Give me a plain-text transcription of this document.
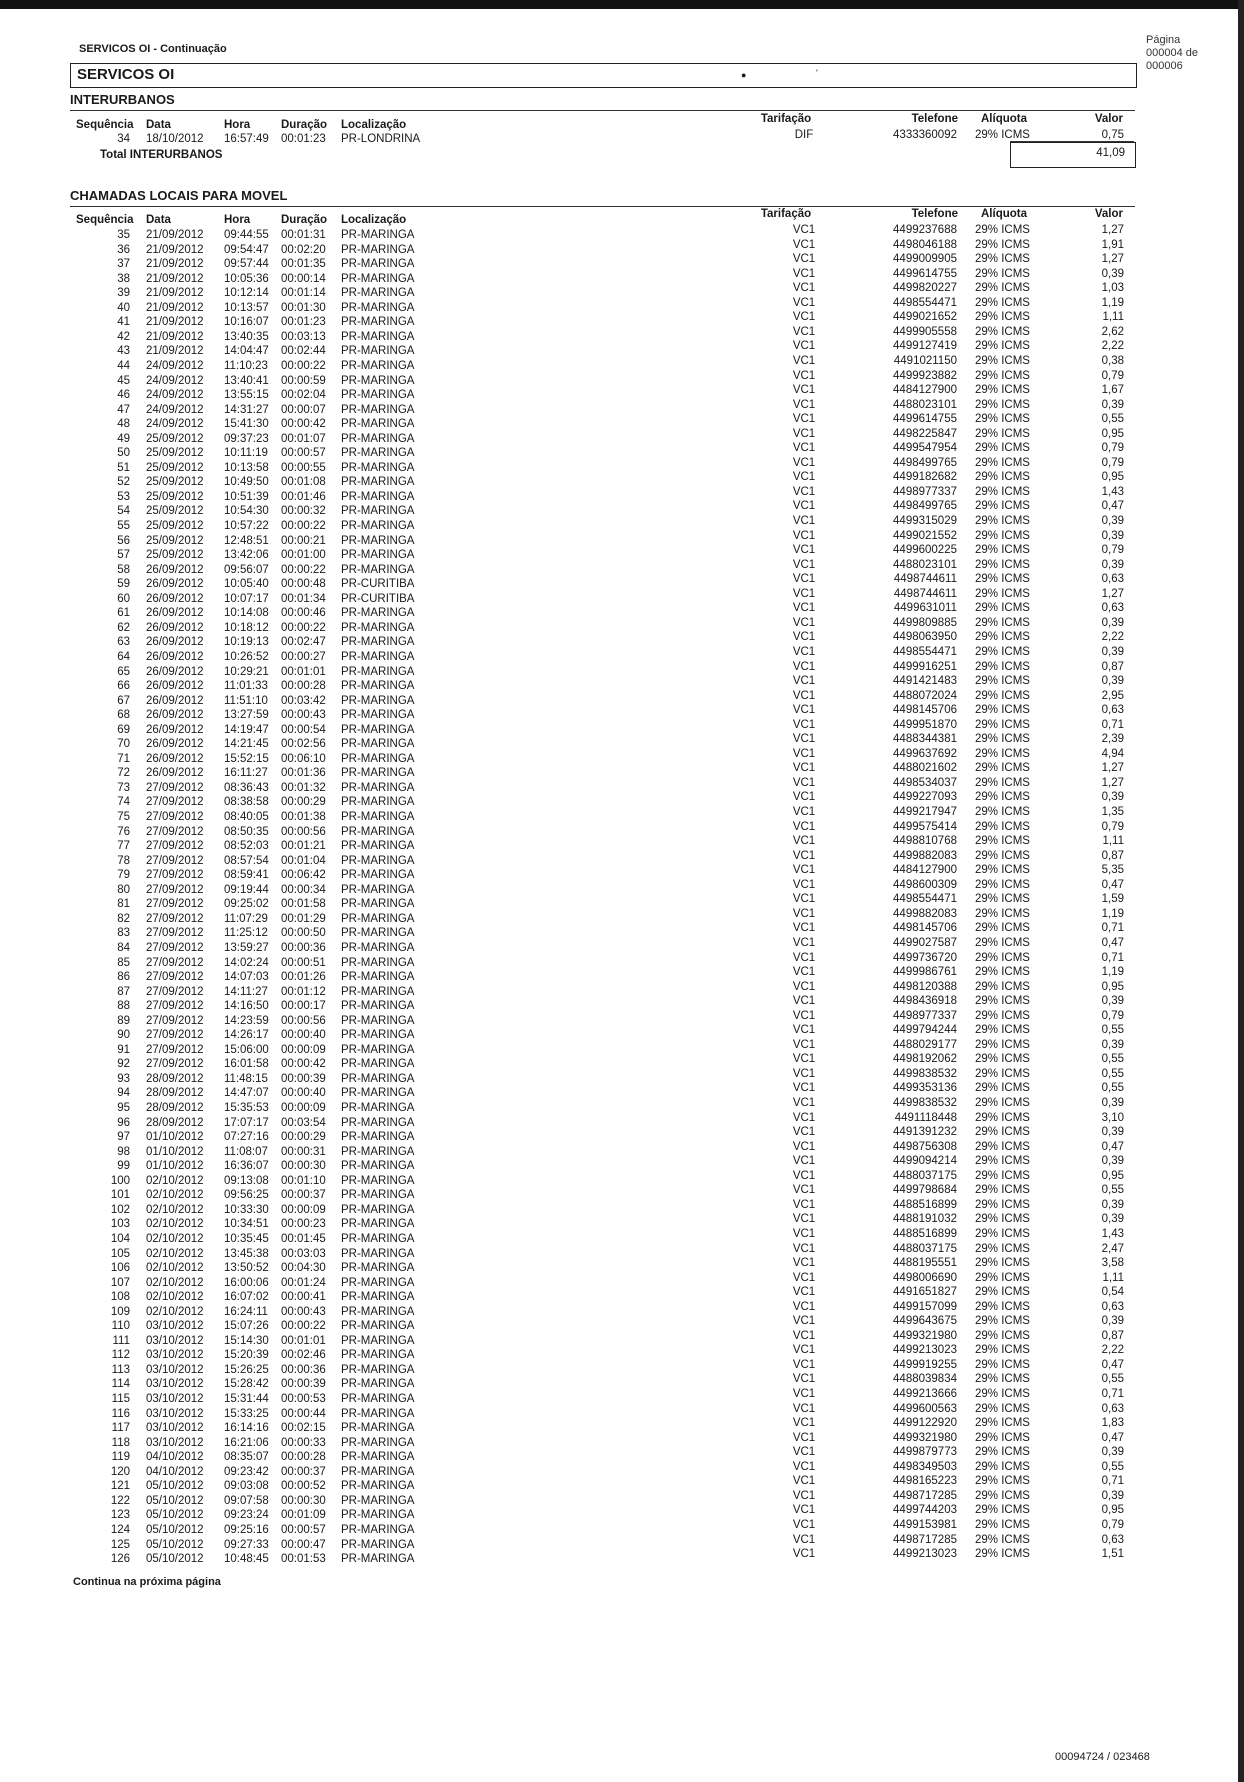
Página
000004 de
000006
SERVICOS OI - Continuação
SERVICOS OI	●	'
INTERURBANOS
Sequência Data	Hora	Duração Localização	Tarifação	Telefone	Alíquota	Valor
34 18/10/2012 16:57:49 00:01:23 PR-LONDRINA	DIF	4333360092 29% ICMS	0,75
Total INTERURBANOS	41,09
CHAMADAS LOCAIS PARA MOVEL
Sequência Data	Hora	Duração Localização	Tarifação	Telefone	Alíquota	Valor
35 21/09/2012 09:44:55 00:01:31 PR-MARINGA	VC1	4499237688 29% ICMS	1,27
36 21/09/2012 09:54:47 00:02:20 PR-MARINGA	VC1	4498046188 29% ICMS	1,91
37 21/09/2012 09:57:44 00:01:35 PR-MARINGA	VC1	4499009905 29% ICMS	1,27
38 21/09/2012 10:05:36 00:00:14 PR-MARINGA	VC1	4499614755 29% ICMS	0,39
39 21/09/2012 10:12:14 00:01:14 PR-MARINGA	VC1	4499820227 29% ICMS	1,03
40 21/09/2012 10:13:57 00:01:30 PR-MARINGA	VC1	4498554471 29% ICMS	1,19
41 21/09/2012 10:16:07 00:01:23 PR-MARINGA	VC1	4499021652 29% ICMS	1,11
42 21/09/2012 13:40:35 00:03:13 PR-MARINGA	VC1	4499905558 29% ICMS	2,62
43 21/09/2012 14:04:47 00:02:44 PR-MARINGA	VC1	4499127419 29% ICMS	2,22
44 24/09/2012 11:10:23 00:00:22 PR-MARINGA	VC1	4491021150 29% ICMS	0,38
45 24/09/2012 13:40:41 00:00:59 PR-MARINGA	VC1	4499923882 29% ICMS	0,79
46 24/09/2012 13:55:15 00:02:04 PR-MARINGA	VC1	4484127900 29% ICMS	1,67
47 24/09/2012 14:31:27 00:00:07 PR-MARINGA	VC1	4488023101 29% ICMS	0,39
48 24/09/2012 15:41:30 00:00:42 PR-MARINGA	VC1	4499614755 29% ICMS	0,55
49 25/09/2012 09:37:23 00:01:07 PR-MARINGA	VC1	4498225847 29% ICMS	0,95
50 25/09/2012 10:11:19 00:00:57 PR-MARINGA	VC1	4499547954 29% ICMS	0,79
51 25/09/2012 10:13:58 00:00:55 PR-MARINGA	VC1	4498499765 29% ICMS	0,79
52 25/09/2012 10:49:50 00:01:08 PR-MARINGA	VC1	4499182682 29% ICMS	0,95
53 25/09/2012 10:51:39 00:01:46 PR-MARINGA	VC1	4498977337 29% ICMS	1,43
54 25/09/2012 10:54:30 00:00:32 PR-MARINGA	VC1	4498499765 29% ICMS	0,47
55 25/09/2012 10:57:22 00:00:22 PR-MARINGA	VC1	4499315029 29% ICMS	0,39
56 25/09/2012 12:48:51 00:00:21 PR-MARINGA	VC1	4499021552 29% ICMS	0,39
57 25/09/2012 13:42:06 00:01:00 PR-MARINGA	VC1	4499600225 29% ICMS	0,79
58 26/09/2012 09:56:07 00:00:22 PR-MARINGA	VC1	4488023101 29% ICMS	0,39
59 26/09/2012 10:05:40 00:00:48 PR-CURITIBA	VC1	4498744611 29% ICMS	0,63
60 26/09/2012 10:07:17 00:01:34 PR-CURITIBA	VC1	4498744611 29% ICMS	1,27
61 26/09/2012 10:14:08 00:00:46 PR-MARINGA	VC1	4499631011 29% ICMS	0,63
62 26/09/2012 10:18:12 00:00:22 PR-MARINGA	VC1	4499809885 29% ICMS	0,39
63 26/09/2012 10:19:13 00:02:47 PR-MARINGA	VC1	4498063950 29% ICMS	2,22
64 26/09/2012 10:26:52 00:00:27 PR-MARINGA	VC1	4498554471 29% ICMS	0,39
65 26/09/2012 10:29:21 00:01:01 PR-MARINGA	VC1	4499916251 29% ICMS	0,87
66 26/09/2012 11:01:33 00:00:28 PR-MARINGA	VC1	4491421483 29% ICMS	0,39
67 26/09/2012 11:51:10 00:03:42 PR-MARINGA	VC1	4488072024 29% ICMS	2,95
68 26/09/2012 13:27:59 00:00:43 PR-MARINGA	VC1	4498145706 29% ICMS	0,63
69 26/09/2012 14:19:47 00:00:54 PR-MARINGA	VC1	4499951870 29% ICMS	0,71
70 26/09/2012 14:21:45 00:02:56 PR-MARINGA	VC1	4488344381 29% ICMS	2,39
71 26/09/2012 15:52:15 00:06:10 PR-MARINGA	VC1	4499637692 29% ICMS	4,94
72 26/09/2012 16:11:27 00:01:36 PR-MARINGA	VC1	4488021602 29% ICMS	1,27
73 27/09/2012 08:36:43 00:01:32 PR-MARINGA	VC1	4498534037 29% ICMS	1,27
74 27/09/2012 08:38:58 00:00:29 PR-MARINGA	VC1	4499227093 29% ICMS	0,39
75 27/09/2012 08:40:05 00:01:38 PR-MARINGA	VC1	4499217947 29% ICMS	1,35
76 27/09/2012 08:50:35 00:00:56 PR-MARINGA	VC1	4499575414 29% ICMS	0,79
77 27/09/2012 08:52:03 00:01:21 PR-MARINGA	VC1	4498810768 29% ICMS	1,11
78 27/09/2012 08:57:54 00:01:04 PR-MARINGA	VC1	4499882083 29% ICMS	0,87
79 27/09/2012 08:59:41 00:06:42 PR-MARINGA	VC1	4484127900 29% ICMS	5,35
80 27/09/2012 09:19:44 00:00:34 PR-MARINGA	VC1	4498600309 29% ICMS	0,47
81 27/09/2012 09:25:02 00:01:58 PR-MARINGA	VC1	4498554471 29% ICMS	1,59
82 27/09/2012 11:07:29 00:01:29 PR-MARINGA	VC1	4499882083 29% ICMS	1,19
83 27/09/2012 11:25:12 00:00:50 PR-MARINGA	VC1	4498145706 29% ICMS	0,71
84 27/09/2012 13:59:27 00:00:36 PR-MARINGA	VC1	4499027587 29% ICMS	0,47
85 27/09/2012 14:02:24 00:00:51 PR-MARINGA	VC1	4499736720 29% ICMS	0,71
86 27/09/2012 14:07:03 00:01:26 PR-MARINGA	VC1	4499986761 29% ICMS	1,19
87 27/09/2012 14:11:27 00:01:12 PR-MARINGA	VC1	4498120388 29% ICMS	0,95
88 27/09/2012 14:16:50 00:00:17 PR-MARINGA	VC1	4498436918 29% ICMS	0,39
89 27/09/2012 14:23:59 00:00:56 PR-MARINGA	VC1	4498977337 29% ICMS	0,79
90 27/09/2012 14:26:17 00:00:40 PR-MARINGA	VC1	4499794244 29% ICMS	0,55
91 27/09/2012 15:06:00 00:00:09 PR-MARINGA	VC1	4488029177 29% ICMS	0,39
92 27/09/2012 16:01:58 00:00:42 PR-MARINGA	VC1	4498192062 29% ICMS	0,55
93 28/09/2012 11:48:15 00:00:39 PR-MARINGA	VC1	4499838532 29% ICMS	0,55
94 28/09/2012 14:47:07 00:00:40 PR-MARINGA	VC1	4499353136 29% ICMS	0,55
95 28/09/2012 15:35:53 00:00:09 PR-MARINGA	VC1	4499838532 29% ICMS	0,39
96 28/09/2012 17:07:17 00:03:54 PR-MARINGA	VC1	4491118448 29% ICMS	3,10
97 01/10/2012 07:27:16 00:00:29 PR-MARINGA	VC1	4491391232 29% ICMS	0,39
98 01/10/2012 11:08:07 00:00:31 PR-MARINGA	VC1	4498756308 29% ICMS	0,47
99 01/10/2012 16:36:07 00:00:30 PR-MARINGA	VC1	4499094214 29% ICMS	0,39
100 02/10/2012 09:13:08 00:01:10 PR-MARINGA	VC1	4488037175 29% ICMS	0,95
101 02/10/2012 09:56:25 00:00:37 PR-MARINGA	VC1	4499798684 29% ICMS	0,55
102 02/10/2012 10:33:30 00:00:09 PR-MARINGA	VC1	4488516899 29% ICMS	0,39
103 02/10/2012 10:34:51 00:00:23 PR-MARINGA	VC1	4488191032 29% ICMS	0,39
104 02/10/2012 10:35:45 00:01:45 PR-MARINGA	VC1	4488516899 29% ICMS	1,43
105 02/10/2012 13:45:38 00:03:03 PR-MARINGA	VC1	4488037175 29% ICMS	2,47
106 02/10/2012 13:50:52 00:04:30 PR-MARINGA	VC1	4488195551 29% ICMS	3,58
107 02/10/2012 16:00:06 00:01:24 PR-MARINGA	VC1	4498006690 29% ICMS	1,11
108 02/10/2012 16:07:02 00:00:41 PR-MARINGA	VC1	4491651827 29% ICMS	0,54
109 02/10/2012 16:24:11 00:00:43 PR-MARINGA	VC1	4499157099 29% ICMS	0,63
110 03/10/2012 15:07:26 00:00:22 PR-MARINGA	VC1	4499643675 29% ICMS	0,39
111 03/10/2012 15:14:30 00:01:01 PR-MARINGA	VC1	4499321980 29% ICMS	0,87
112 03/10/2012 15:20:39 00:02:46 PR-MARINGA	VC1	4499213023 29% ICMS	2,22
113 03/10/2012 15:26:25 00:00:36 PR-MARINGA	VC1	4499919255 29% ICMS	0,47
114 03/10/2012 15:28:42 00:00:39 PR-MARINGA	VC1	4488039834 29% ICMS	0,55
115 03/10/2012 15:31:44 00:00:53 PR-MARINGA	VC1	4499213666 29% ICMS	0,71
116 03/10/2012 15:33:25 00:00:44 PR-MARINGA	VC1	4499600563 29% ICMS	0,63
117 03/10/2012 16:14:16 00:02:15 PR-MARINGA	VC1	4499122920 29% ICMS	1,83
118 03/10/2012 16:21:06 00:00:33 PR-MARINGA	VC1	4499321980 29% ICMS	0,47
119 04/10/2012 08:35:07 00:00:28 PR-MARINGA	VC1	4499879773 29% ICMS	0,39
120 04/10/2012 09:23:42 00:00:37 PR-MARINGA	VC1	4498349503 29% ICMS	0,55
121 05/10/2012 09:03:08 00:00:52 PR-MARINGA	VC1	4498165223 29% ICMS	0,71
122 05/10/2012 09:07:58 00:00:30 PR-MARINGA	VC1	4498717285 29% ICMS	0,39
123 05/10/2012 09:23:24 00:01:09 PR-MARINGA	VC1	4499744203 29% ICMS	0,95
124 05/10/2012 09:25:16 00:00:57 PR-MARINGA	VC1	4499153981 29% ICMS	0,79
125 05/10/2012 09:27:33 00:00:47 PR-MARINGA	VC1	4498717285 29% ICMS	0,63
126 05/10/2012 10:48:45 00:01:53 PR-MARINGA	VC1	4499213023 29% ICMS	1,51
Continua na próxima página
00094724 / 023468
